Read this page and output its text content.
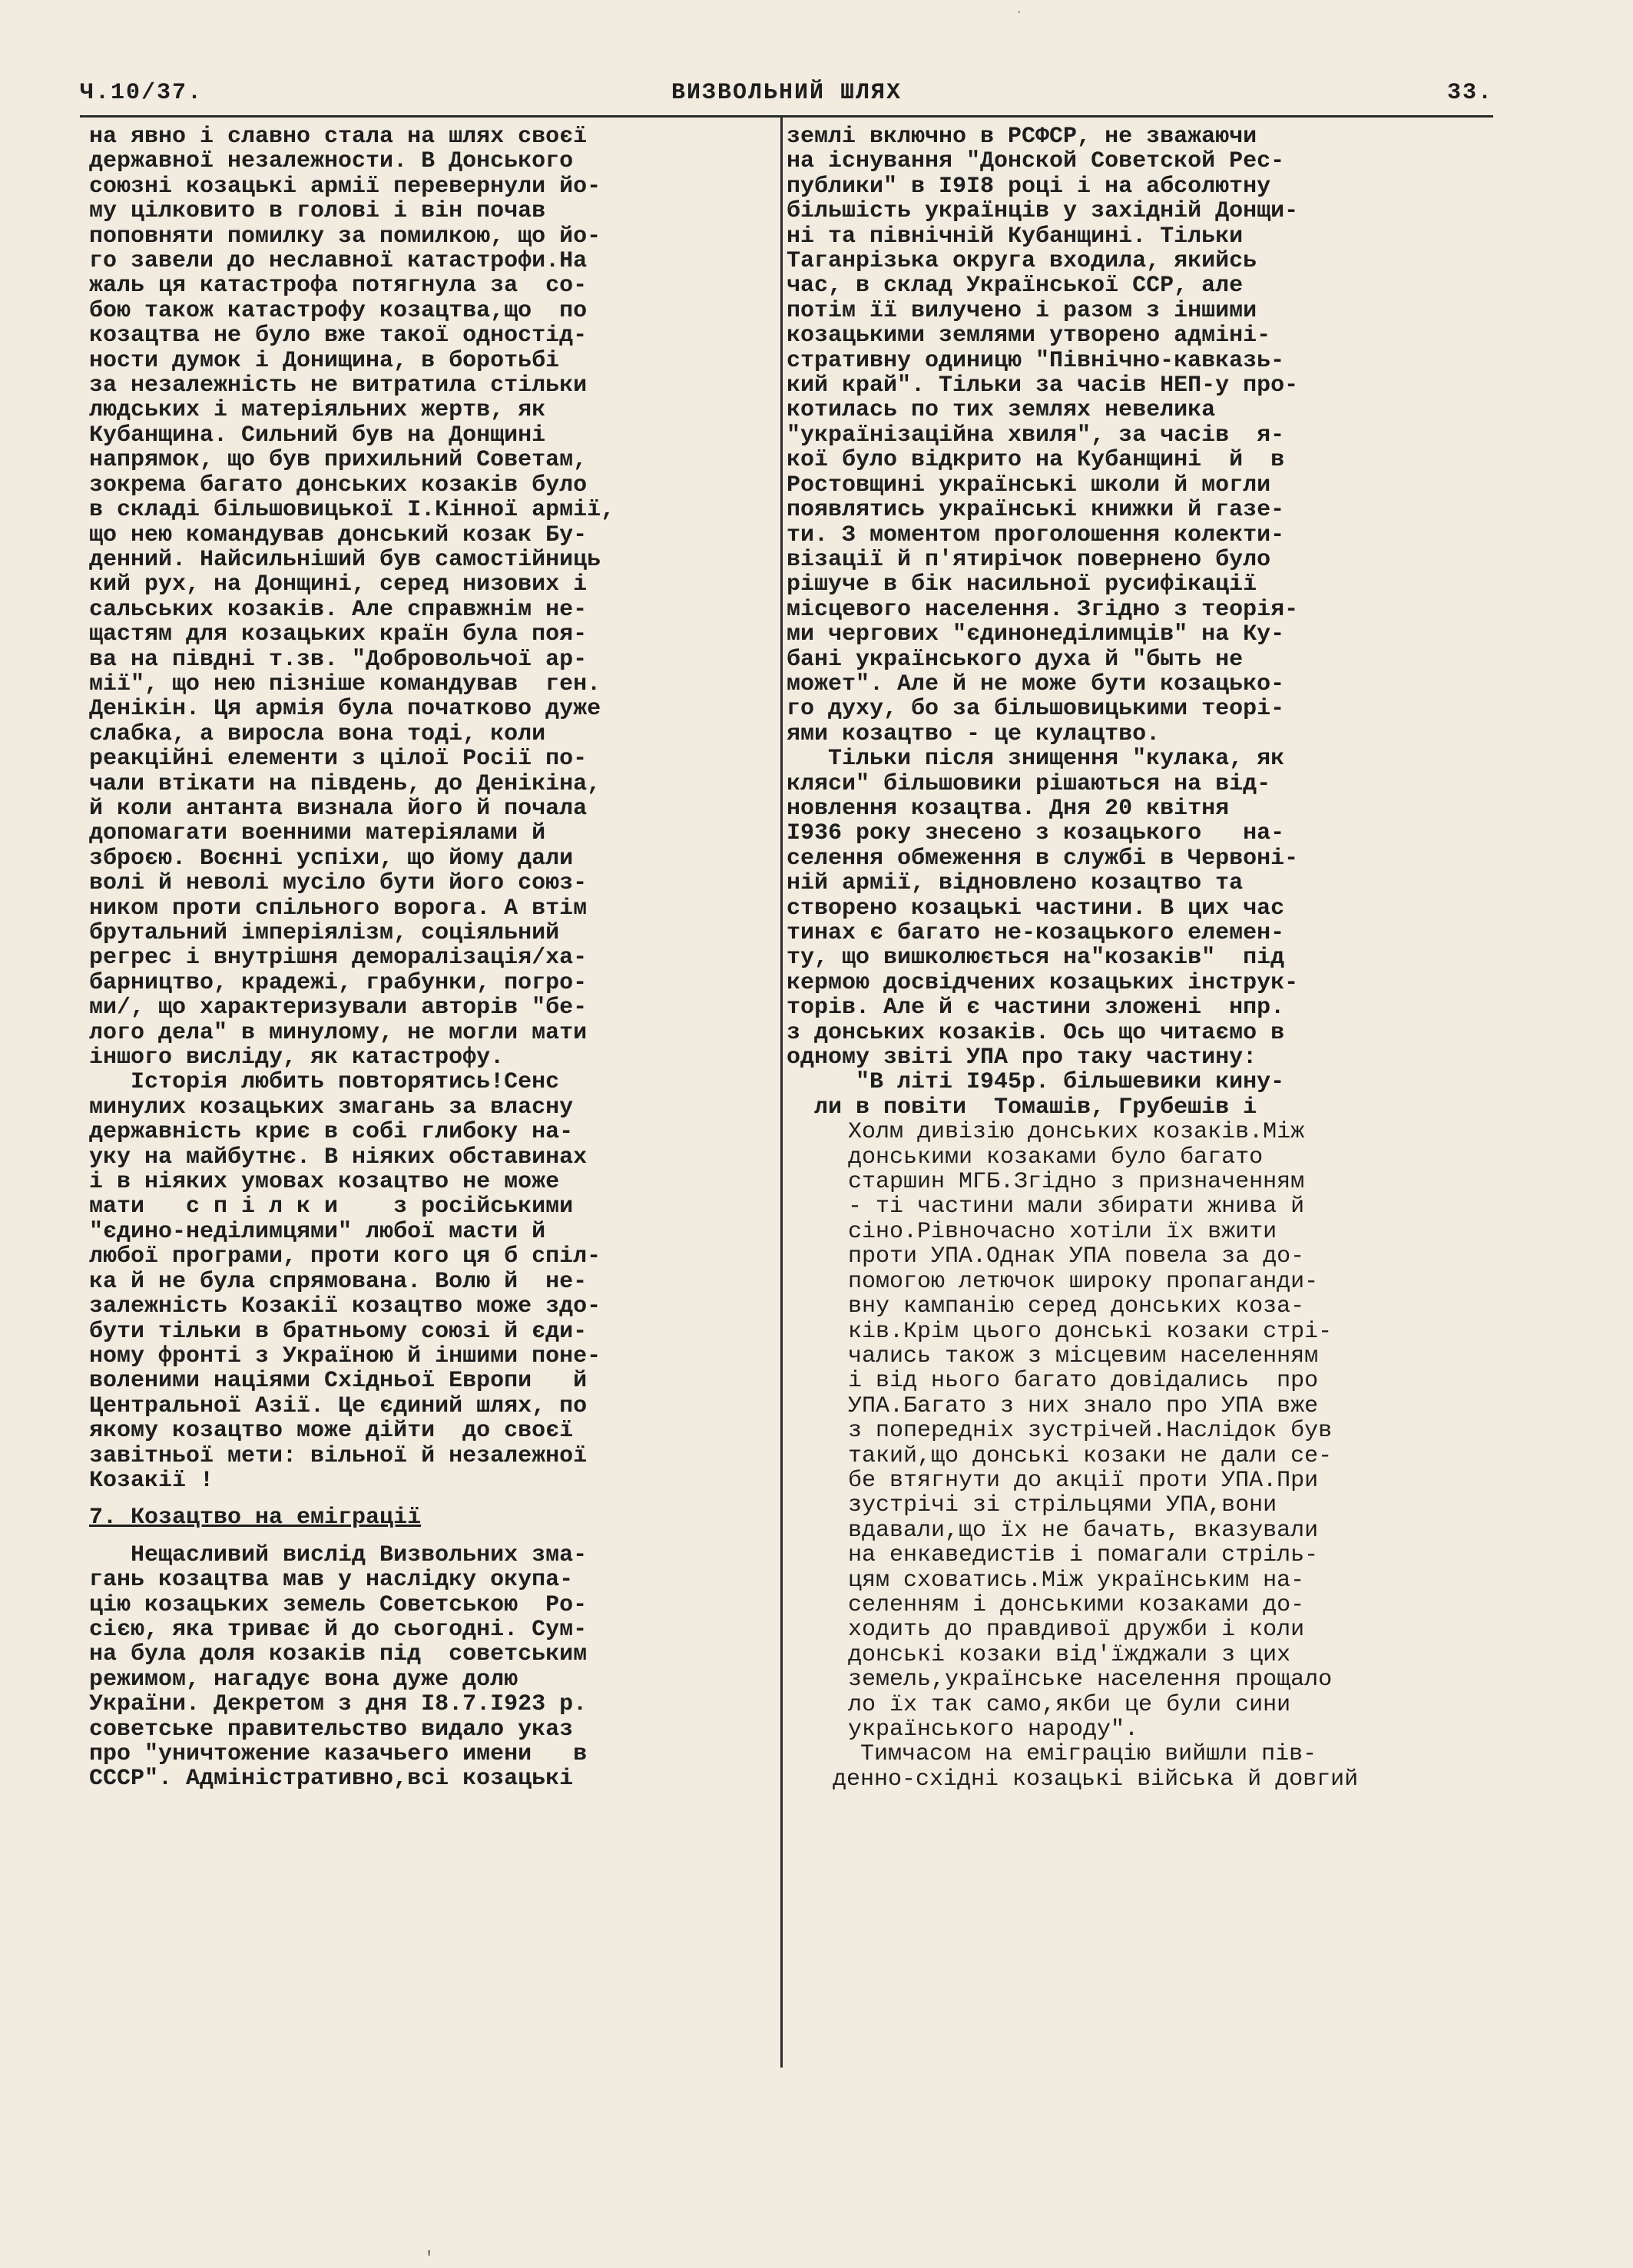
.
Ч.10/37.	ВИЗВОЛЬНИЙ ШЛЯХ	33.
на явно і славно стала на шлях своєї
державної незалежности. В Донського
союзні козацькі армії перевернули йо-
му цілковито в голові і він почав
поповняти помилку за помилкою, що йо-
го завели до неславної катастрофи.На
жаль ця катастрофа потягнула за  со-
бою також катастрофу козацтва,що  по
козацтва не було вже такої одностід-
ности думок і Донищина, в боротьбі
за незалежність не витратила стільки
людських і матеріяльних жертв, як
Кубанщина. Сильний був на Донщині
напрямок, що був прихильний Советам,
зокрема багато донських козаків було
в складі більшовицької І.Кінної армії,
що нею командував донський козак Бу-
денний. Найсильніший був самостійниць
кий рух, на Донщині, серед низових і
сальських козаків. Але справжнім не-
щастям для козацьких країн була поя-
ва на півдні т.зв. "Добровольчої ар-
мії", що нею пізніше командував  ген.
Денікін. Ця армія була початково дуже
слабка, а виросла вона тоді, коли
реакційні елементи з цілої Росії по-
чали втікати на південь, до Денікіна,
й коли антанта визнала його й почала
допомагати военними матеріялами й
зброєю. Воєнні успіхи, що йому дали
волі й неволі мусіло бути його союз-
ником проти спільного ворога. А втім
брутальний імперіялізм, соціяльний
регрес і внутрішня деморалізація/ха-
барництво, крадежі, грабунки, погро-
ми/, що характеризували авторів "бе-
лого дела" в минулому, не могли мати
іншого висліду, як катастрофу.
Історія любить повторятись!Сенс
минулих козацьких змагань за власну
державність криє в собі глибоку на-
уку на майбутнє. В ніяких обставинах
і в ніяких умовах козацтво не може
мати   с п і л к и    з російськими
"єдино-неділимцями" любої масти й
любої програми, проти кого ця б спіл-
ка й не була спрямована. Волю й  не-
залежність Козакії козацтво може здо-
бути тільки в братньому союзі й єди-
ному фронті з Україною й іншими поне-
воленими націями Східньої Европи   й
Центральної Азії. Це єдиний шлях, по
якому козацтво може дійти  до своєї
завітньої мети: вільної й незалежної
Козакії !
7. Козацтво на еміграції
Нещасливий вислід Визвольних зма-
гань козацтва мав у наслідку окупа-
цію козацьких земель Советською  Ро-
сією, яка триває й до сьогодні. Сум-
на була доля козаків під  советським
режимом, нагадує вона дуже долю
України. Декретом з дня І8.7.І923 р.
советське правительство видало указ
про "уничтожение казачьего имени   в
СССР". Адміністративно,всі козацькі
землі включно в РСФСР, не зважаючи
на існування "Донской Советской Рес-
публики" в І9І8 році і на абсолютну
більшість українців у західній Донщи-
ні та північній Кубанщині. Тільки
Таганрізька округа входила, якийсь
час, в склад Української ССР, але
потім її вилучено і разом з іншими
козацькими землями утворено адміні-
стративну одиницю "Північно-кавказь-
кий край". Тільки за часів НЕП-у про-
котилась по тих землях невелика
"українізаційна хвиля", за часів  я-
кої було відкрито на Кубанщині  й  в
Ростовщині українські школи й могли
появлятись українські книжки й газе-
ти. З моментом проголошення колекти-
візації й п'ятирічок повернено було
рішуче в бік насильної русифікації
місцевого населення. Згідно з теорія-
ми чергових "єдинонеділимців" на Ку-
бані українського духа й "быть не
может". Але й не може бути козацько-
го духу, бо за більшовицькими теорі-
ями козацтво - це кулацтво.
Тільки після знищення "кулака, як
кляси" більшовики рішаються на від-
новлення козацтва. Дня 20 квітня
І936 року знесено з козацького   на-
селення обмеження в службі в Червоні-
ній армії, відновлено козацтво та
створено козацькі частини. В цих час
тинах є багато не-козацького елемен-
ту, що вишколюється на"козаків"  під
кермою досвідчених козацьких інструк-
торів. Але й є частини зложені  нпр.
з донських козаків. Ось що читаємо в
одному звіті УПА про таку частину:
"В літі І945р. більшевики кину-
ли в повіти  Томашів, Грубешів і
Холм дивізію донських козаків.Між
донськими козаками було багато
старшин МГБ.Згідно з призначенням
- ті частини мали збирати жнива й
сіно.Рівночасно хотіли їх вжити
проти УПА.Однак УПА повела за до-
помогою летючок широку пропаганди-
вну кампанію серед донських коза-
ків.Крім цього донські козаки стрі-
чались також з місцевим населенням
і від нього багато довідались  про
УПА.Багато з них знало про УПА вже
з попередніх зустрічей.Наслідок був
такий,що донські козаки не дали се-
бе втягнути до акції проти УПА.При
зустрічі зі стрільцями УПА,вони
вдавали,що їх не бачать, вказували
на енкаведистів і помагали стріль-
цям сховатись.Між українським на-
селенням і донськими козаками до-
ходить до правдивої дружби і коли
донські козаки від'їжджали з цих
земель,українське населення прощало
ло їх так само,якби це були сини
українського народу".
Тимчасом на еміграцію вийшли пів-
денно-східні козацькі війська й довгий
'
